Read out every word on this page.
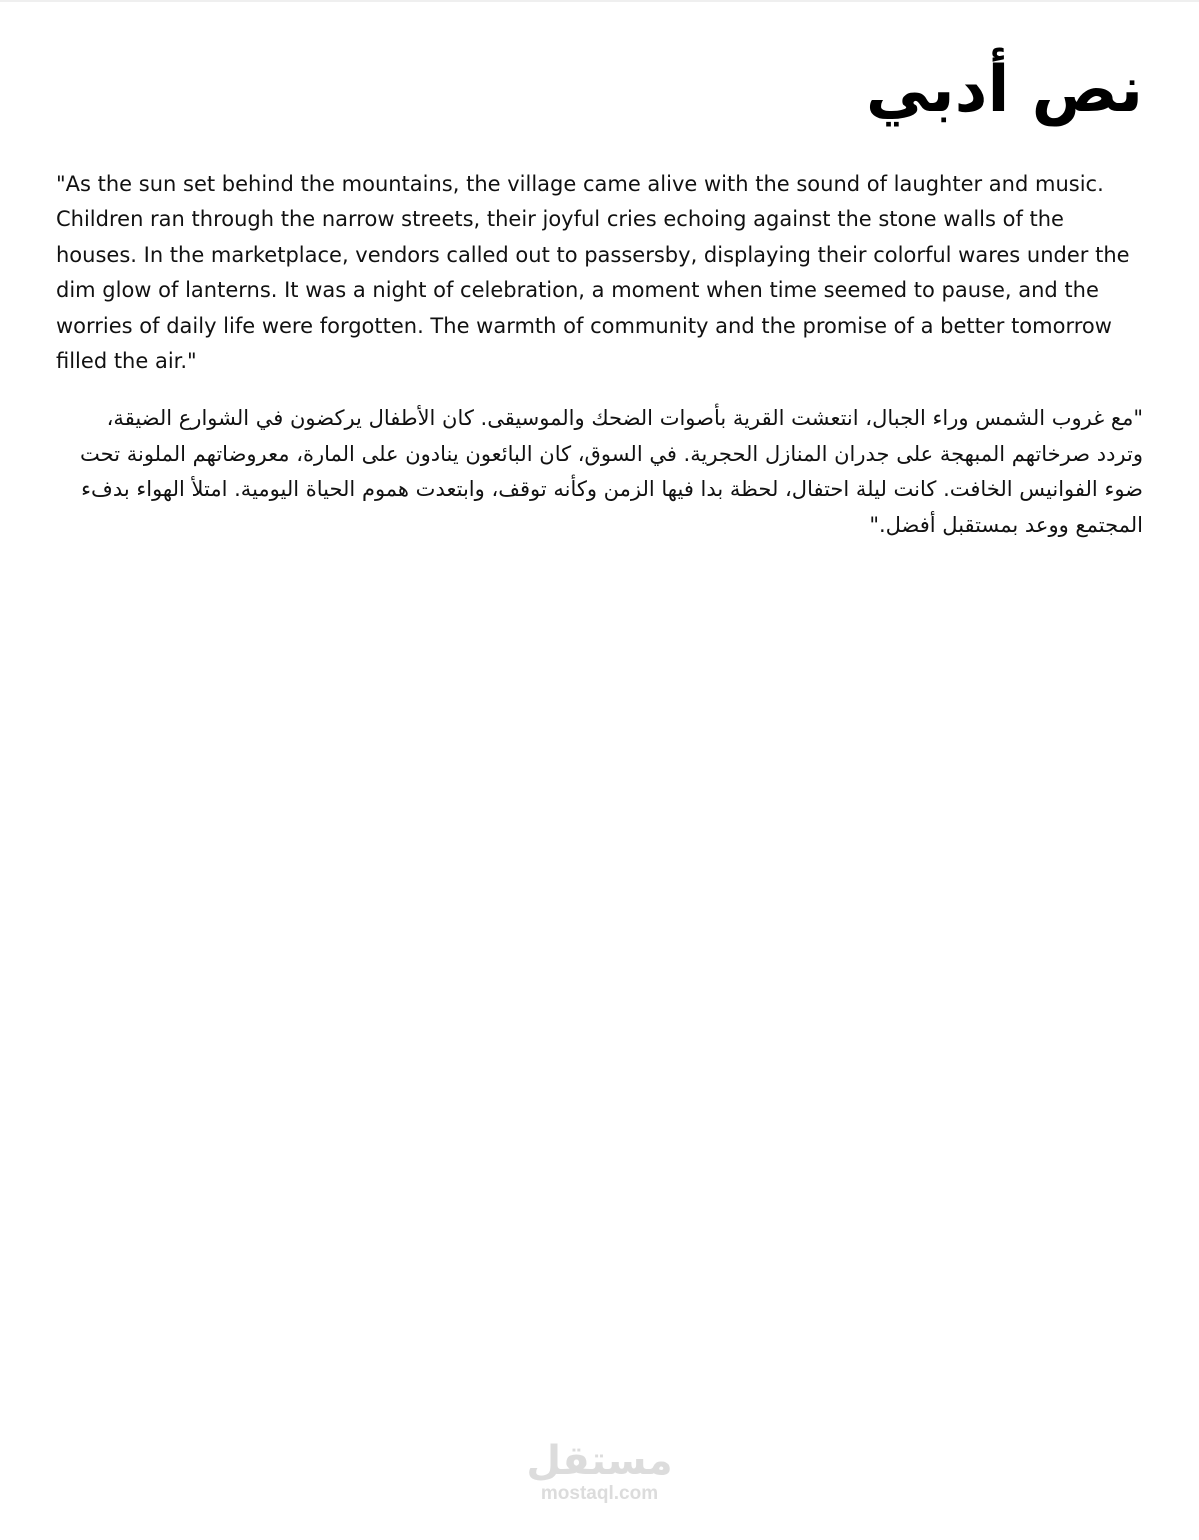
نص أدبي

"As the sun set behind the mountains, the village came alive with the sound of laughter and music. Children ran through the narrow streets, their joyful cries echoing against the stone walls of the houses. In the marketplace, vendors called out to passersby, displaying their colorful wares under the dim glow of lanterns. It was a night of celebration, a moment when time seemed to pause, and the worries of daily life were forgotten. The warmth of community and the promise of a better tomorrow filled the air."

"مع غروب الشمس وراء الجبال، انتعشت القرية بأصوات الضحك والموسيقى. كان الأطفال يركضون في الشوارع الضيقة، وتردد صرخاتهم المبهجة على جدران المنازل الحجرية. في السوق، كان البائعون ينادون على المارة، معروضاتهم الملونة تحت ضوء الفوانيس الخافت. كانت ليلة احتفال، لحظة بدا فيها الزمن وكأنه توقف، وابتعدت هموم الحياة اليومية. امتلأ الهواء بدفء المجتمع ووعد بمستقبل أفضل."

مستقل
mostaql.com
